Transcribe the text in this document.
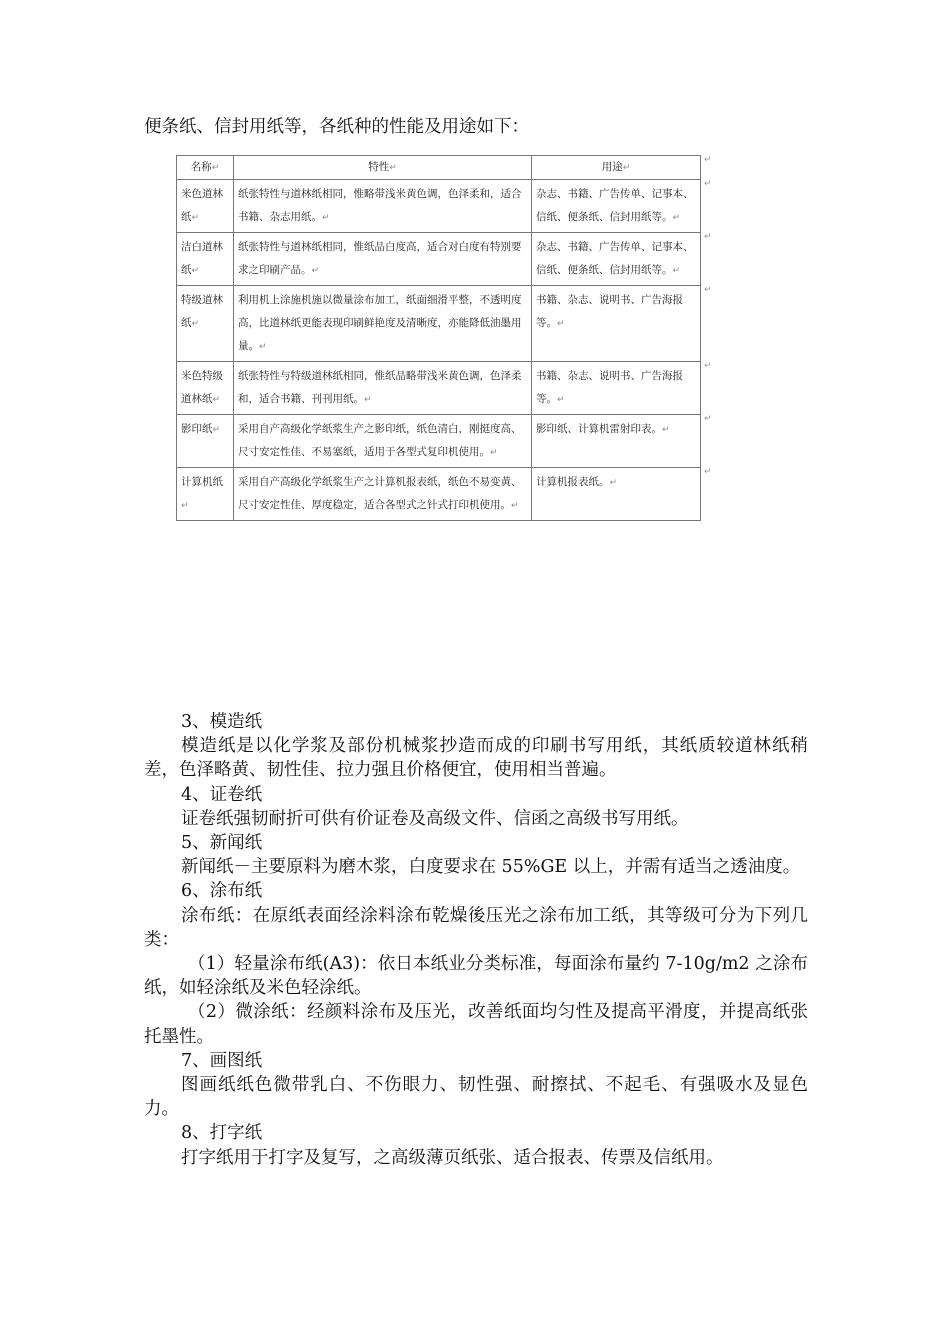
便条纸、信封用纸等，各纸种的性能及用途如下：
名称↵	特性↵	用途↵
米色道林纸↵	纸张特性与道林纸相同，惟略带浅米黄色调，色泽柔和，适合书籍、杂志用纸。↵	杂志、书籍、广告传单、记事本、信纸、便条纸、信封用纸等。↵
洁白道林纸↵	纸张特性与道林纸相同，惟纸品白度高，适合对白度有特别要求之印刷产品。↵	杂志、书籍、广告传单、记事本、信纸、便条纸、信封用纸等。↵
特级道林纸↵	利用机上涂施机施以微量涂布加工，纸面细滑平整，不透明度高，比道林纸更能表现印刷鲜艳度及清晰度，亦能降低油墨用量。↵	书籍、杂志、说明书、广告海报等。↵
米色特级道林纸↵	纸张特性与特级道林纸相同，惟纸品略带浅米黄色调，色泽柔和，适合书籍、刊刊用纸。↵	书籍、杂志、说明书、广告海报等。↵
影印纸↵	采用自产高级化学纸浆生产之影印纸，纸色清白，刚挺度高、尺寸安定性佳、不易塞纸，适用于各型式复印机使用。↵	影印纸、计算机雷射印表。↵
计算机纸↵	采用自产高级化学纸浆生产之计算机报表纸，纸色不易变黄、尺寸安定性佳、厚度稳定，适合各型式之针式打印机使用。↵	计算机报表纸。↵
↵
↵
↵
↵
↵
↵
↵

3、模造纸

模造纸是以化学浆及部份机械浆抄造而成的印刷书写用纸，其纸质较道林纸稍差，色泽略黄、韧性佳、拉力强且价格便宜，使用相当普遍。

4、证卷纸

证卷纸强韧耐折可供有价证卷及高级文件、信函之高级书写用纸。

5、新闻纸

新闻纸－主要原料为磨木浆，白度要求在 55%GE 以上，并需有适当之透油度。

6、涂布纸

涂布纸：在原纸表面经涂料涂布乾燥後压光之涂布加工纸，其等级可分为下列几类：

（1）轻量涂布纸(A3)：依日本纸业分类标准，每面涂布量约 7-10g/m2 之涂布纸，如轻涂纸及米色轻涂纸。

（2）微涂纸：经颜料涂布及压光，改善纸面均匀性及提高平滑度，并提高纸张托墨性。

7、画图纸

图画纸纸色微带乳白、不伤眼力、韧性强、耐擦拭、不起毛、有强吸水及显色力。

8、打字纸

打字纸用于打字及复写，之高级薄页纸张、适合报表、传票及信纸用。
